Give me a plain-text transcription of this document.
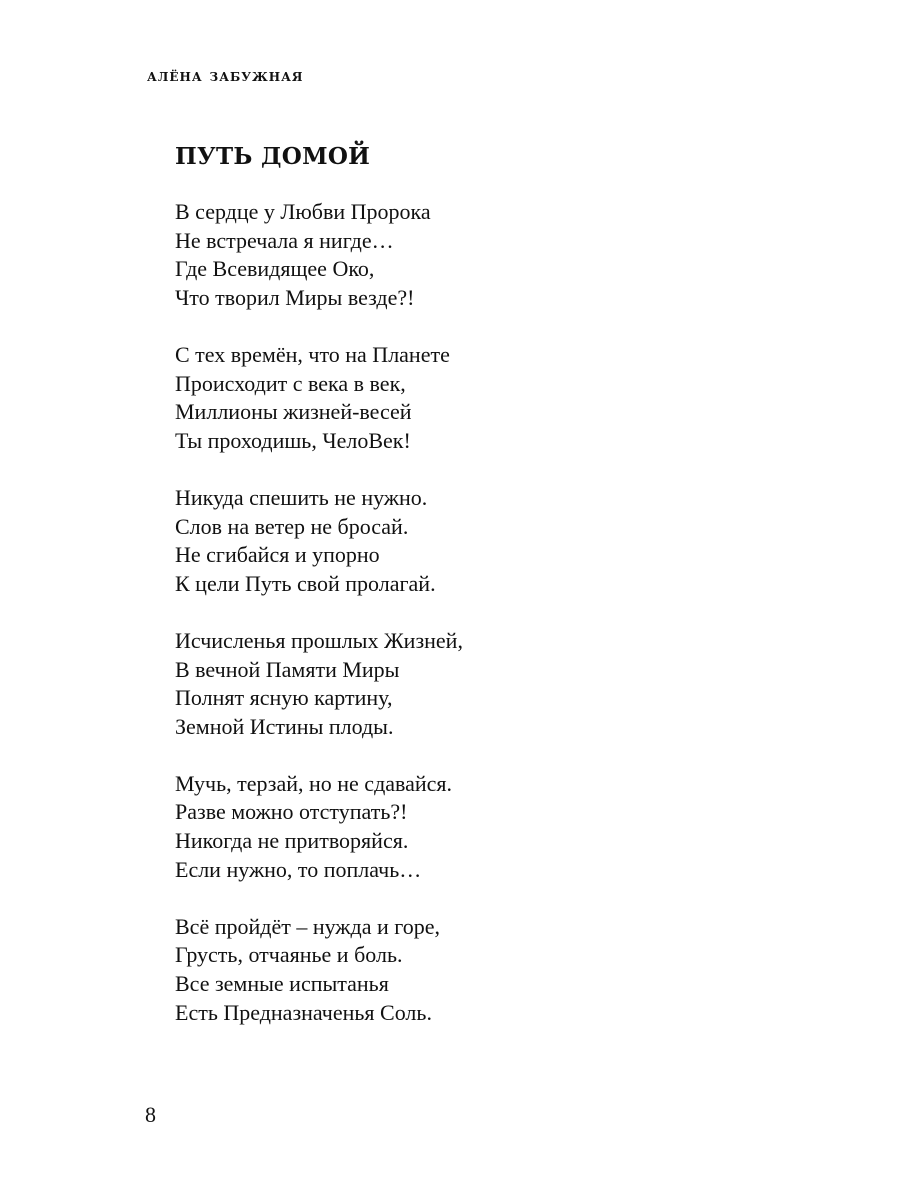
алёна забужная
ПУТЬ ДОМОЙ
В сердце у Любви Пророка
Не встречала я нигде…
Где Всевидящее Око,
Что творил Миры везде?!
С тех времён, что на Планете
Происходит с века в век,
Миллионы жизней-весей
Ты проходишь, ЧелоВек!
Никуда спешить не нужно.
Слов на ветер не бросай.
Не сгибайся и упорно
К цели Путь свой пролагай.
Исчисленья прошлых Жизней,
В вечной Памяти Миры
Полнят ясную картину,
Земной Истины плоды.
Мучь, терзай, но не сдавайся.
Разве можно отступать?!
Никогда не притворяйся.
Если нужно, то поплачь…
Всё пройдёт – нужда и горе,
Грусть, отчаянье и боль.
Все земные испытанья
Есть Предназначенья Соль.
8
